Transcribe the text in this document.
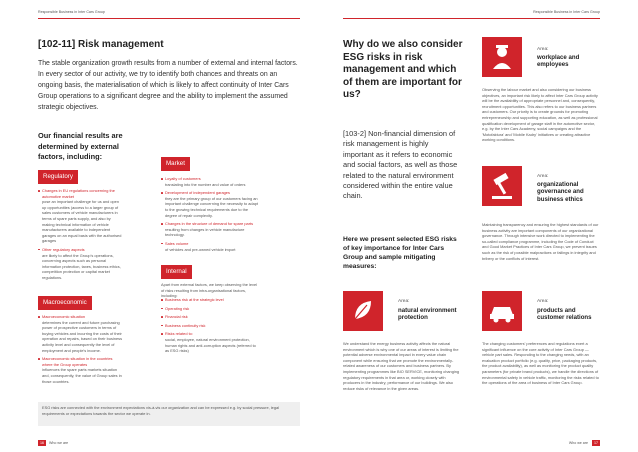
Responsible Business in Inter Cars Group	Responsible Business in Inter Cars Group
[102-11] Risk management
The stable organization growth results from a number of external and internal factors. In every sector of our activity, we try to identify both chances and threats on an ongoing basis, the materialisation of which is likely to affect continuity of Inter Cars Group operations to a significant degree and the ability to implement the assumed strategic objectives.
Our financial results are determined by external factors, including:
Regulatory
Changes in EU regulations concerning the automotive market
pose an important challenge for us and open up opportunities (access to a larger group of sales customers of vehicle manufacturers in terms of spare parts supply, and also by making technical information of vehicle manufacturers available to independent garages on an equal basis with the authorised garages
Other regulatory aspects
are likely to affect the Group's operations, concerning aspects such as personal information protection, taxes, business ethics, competition protection or capital market regulations.
Macroeconomic
Macroeconomic situation
determines the current and future purchasing power of prospective customers in terms of buying vehicles and incurring the costs of their operation and repairs, based on their business activity level and consequently the level of employment and people's income.
Macroeconomic situation in the countries where the Group operates
influences the spare parts markets situation and, consequently, the value of Group sales in those countries.
Market
Loyalty of customers
translating into the number and value of orders
Development of independent garages
they are the primary group of our customers facing an important challenge concerning the necessity to adapt to the growing technical requirements due to the degree of repair complexity.
Changes in the structure of demand for spare parts
resulting from changes in vehicle manufacture technology.
Sales volume
of vehicles and pre-owned vehicle import
Internal
Apart from external factors, we keep observing the level of risks resulting from intra-organisational factors, including:
Business risk at the strategic level
Operating risk
Financial risk
Business continuity risk
Risks related to:
social, employee, natural environment protection, human rights and anti-corruption aspects (referred to as ESG risks)
ESG risks are connected with the environment expectations vis-à-vis our organization and can be expressed e.g. by social pressure, legal requirements or expectations towards the sector we operate in.
16 Who we are	Who we are 17
Why do we also consider ESG risks in risk management and which of them are important for us?
[103-2] Non-financial dimension of risk management is highly important as it refers to economic and social factors, as well as those related to the natural environment considered within the entire value chain.
Here we present selected ESG risks of key importance for Inter Cars Group and sample mitigating measures:
Area:
workplace and employees
Observing the labour market and also considering our business objectives, an important risk likely to affect Inter Cars Group activity will be the availability of appropriate personnel and, consequently, recruitment opportunities. This also refers to our business partners and customers. Our priority is to create grounds for promoting entrepreneurship and supporting education, as well as professional qualification development of garage staff in the automotive sector, e.g. by the Inter Cars Academy, social campaigns and the 'Motofaktura' and 'Mobile Kadry' initiatives or creating attractive working conditions.
Area:
organizational governance and business ethics
Maintaining transparency and ensuring the highest standards of our business activity are important components of our organizational governance. Through intensive work directed to implementing the so-called compliance programme, including the Code of Conduct and Good Market Practices of Inter Cars Group, we prevent issues such as the risk of possible malpractices or failings in integrity and bribery or the conflicts of interest.
Area:
natural environment protection
We understand the energy business activity affects the natural environment which is why one of our areas of interest is limiting the potential adverse environmental impact in every value chain component while ensuring that we promote the environmentally-related awareness of our customers and business partners. By implementing programmes like BIO SERVICE, monitoring changing regulatory requirements in that area or, working closely with producers in the industry, performance of our buildings. We also reduce risks of relevance in the given areas.
Area:
products and customer relations
The changing customers' preferences and regulations exert a significant influence on the core activity of Inter Cars Group — vehicle part sales. Responding to the changing needs, with an evaluation product portfolio (e.g. quality, price, packaging products, the product availability), as well as monitoring the product quality parameters (for private brand products), we handle the directions of environmental safety in vehicle traffic, monitoring the risks related to the operations of the area of business of Inter Cars Group.
